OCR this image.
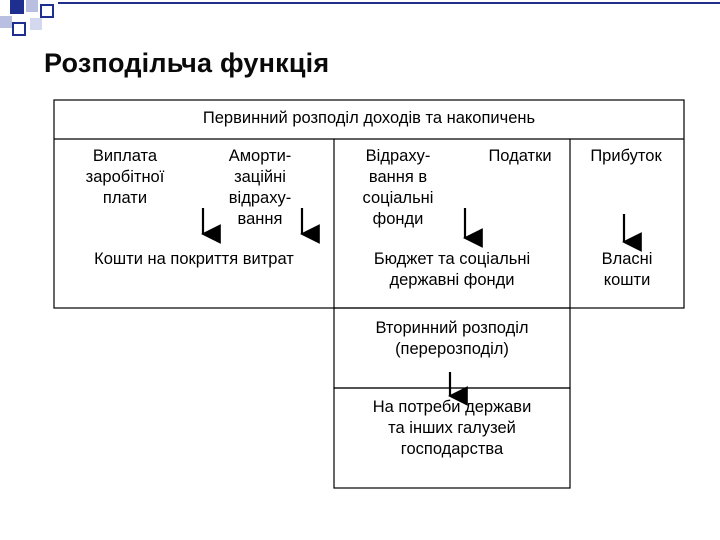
Розподільча функція
Первинний розподіл доходів та накопичень
Виплата
заробітної
плати
Аморти-
заційні
відраху-
вання
Відраху-
вання в
соціальні
фонди
Податки	Прибуток
Кошти на покриття витрат	Бюджет та соціальні
державні фонди
Власні
кошти
Вторинний розподіл
(перерозподіл)
На потреби держави
та інших галузей
господарства
